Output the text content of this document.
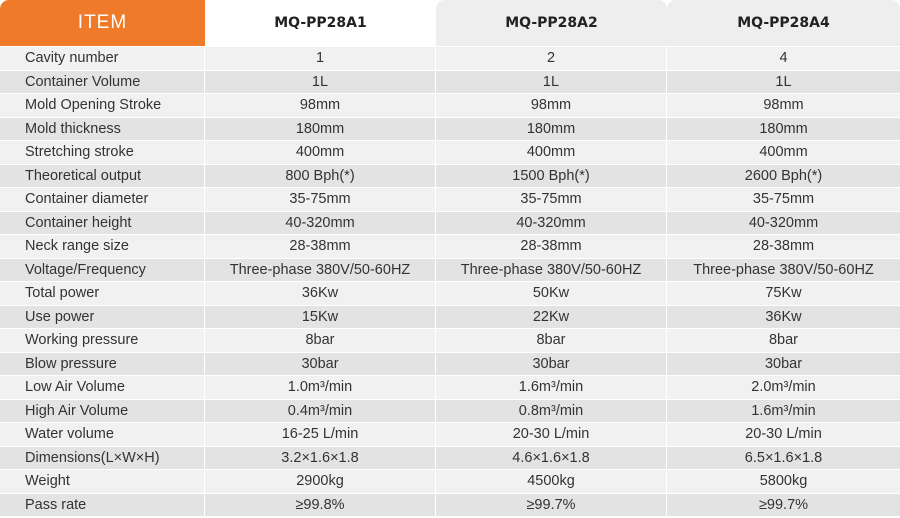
ITEM	MQ-PP28A1	MQ-PP28A2	MQ-PP28A4
Cavity number	1	2	4
Container Volume	1L	1L	1L
Mold Opening Stroke	98mm	98mm	98mm
Mold thickness	180mm	180mm	180mm
Stretching stroke	400mm	400mm	400mm
Theoretical output	800 Bph(*)	1500 Bph(*)	2600 Bph(*)
Container diameter	35-75mm	35-75mm	35-75mm
Container height	40-320mm	40-320mm	40-320mm
Neck range size	28-38mm	28-38mm	28-38mm
Voltage/Frequency	Three-phase 380V/50-60HZ	Three-phase 380V/50-60HZ	Three-phase 380V/50-60HZ
Total power	36Kw	50Kw	75Kw
Use power	15Kw	22Kw	36Kw
Working pressure	8bar	8bar	8bar
Blow pressure	30bar	30bar	30bar
Low Air Volume	1.0m³/min	1.6m³/min	2.0m³/min
High Air Volume	0.4m³/min	0.8m³/min	1.6m³/min
Water volume	16-25 L/min	20-30 L/min	20-30 L/min
Dimensions(L×W×H)	3.2×1.6×1.8	4.6×1.6×1.8	6.5×1.6×1.8
Weight	2900kg	4500kg	5800kg
Pass rate	≥99.8%	≥99.7%	≥99.7%
